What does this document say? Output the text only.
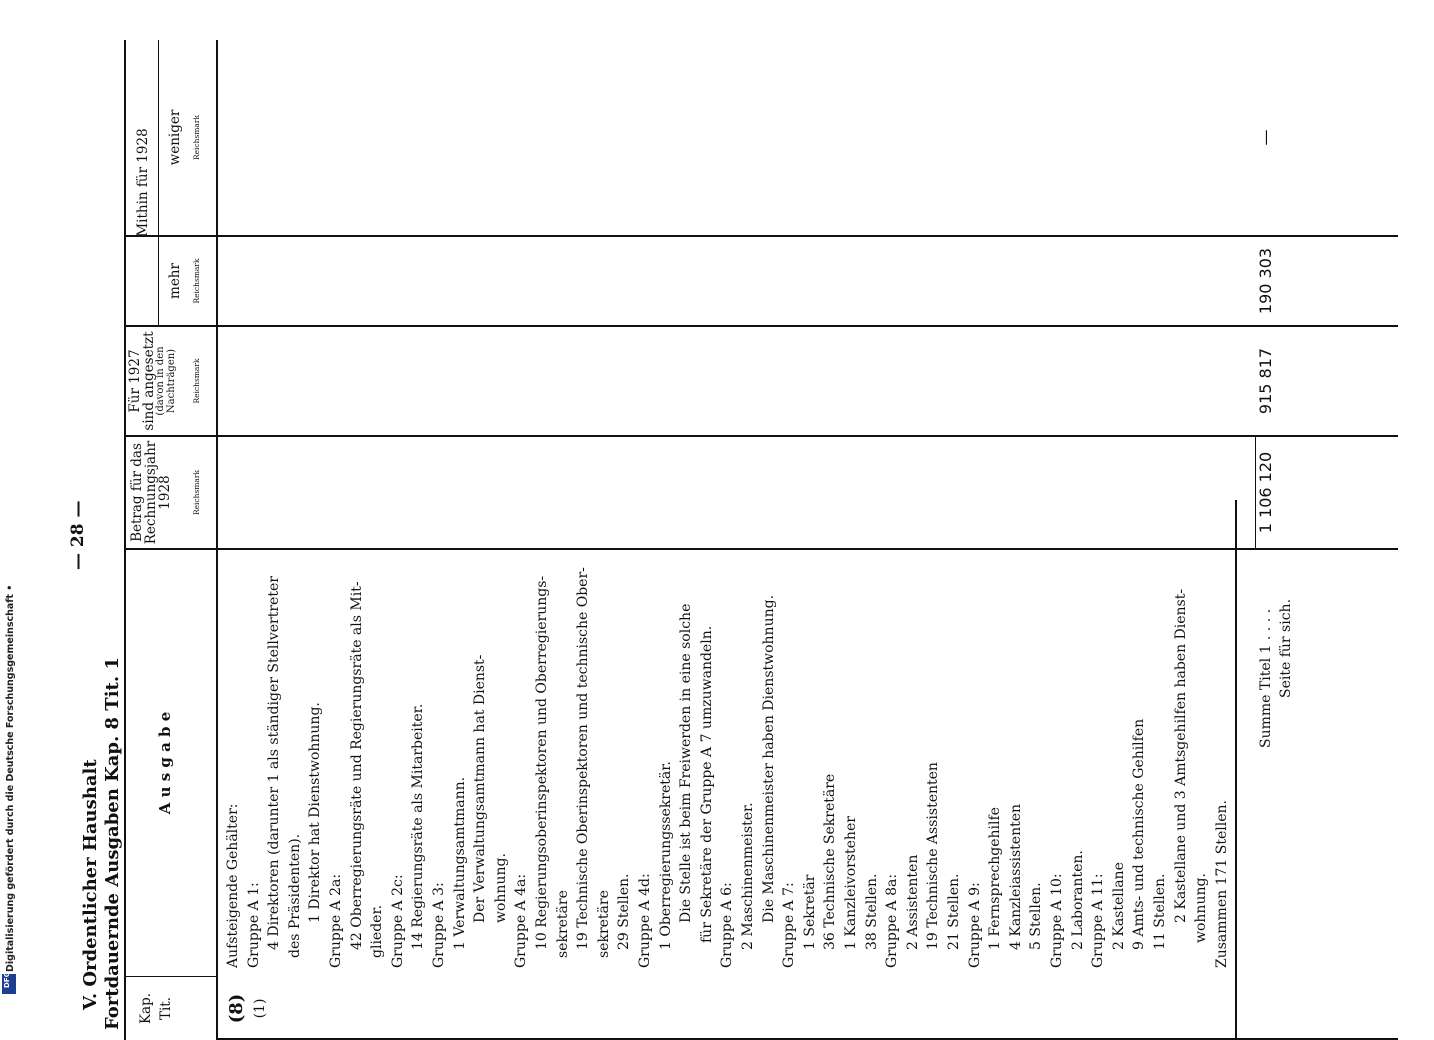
Digitalisierung gefördert durch die Deutsche Forschungsgemeinschaft •
DFG
— 28 —
V. Ordentlicher Haushalt Fortdauernde Ausgaben Kap. 8 Tit. 1 Kap. Tit.
A u s g a b e
Betrag für das
Rechnungsjahr
1928 Reichsmark
Für 1927
sind angesetzt
(davon in den Nachträgen) Reichsmark
Mithin für 1928
mehr Reichsmark
weniger Reichsmark
(8) (1)
Aufsteigende Gehälter: Gruppe A 1: 4 Direktoren (darunter 1 als ständiger Stellvertreter des Präsidenten). 1 Direktor hat Dienstwohnung. Gruppe A 2a: 42 Oberregierungsräte und Regierungsräte als Mit- glieder. Gruppe A 2c: 14 Regierungsräte als Mitarbeiter. Gruppe A 3: 1 Verwaltungsamtmann. Der Verwaltungsamtmann hat Dienst- wohnung. Gruppe A 4a: 10 Regierungsoberinspektoren und Oberregierungs- sekretäre 19 Technische Oberinspektoren und technische Ober- sekretäre 29 Stellen. Gruppe A 4d: 1 Oberregierungssekretär. Die Stelle ist beim Freiwerden in eine solche für Sekretäre der Gruppe A 7 umzuwandeln. Gruppe A 6: 2 Maschinenmeister. Die Maschinenmeister haben Dienstwohnung.
Gruppe A 7: 1 Sekretär 36 Technische Sekretäre 1 Kanzleivorsteher 38 Stellen. Gruppe A 8a: 2 Assistenten 19 Technische Assistenten 21 Stellen. Gruppe A 9: 1 Fernsprechgehilfe 4 Kanzleiassistenten 5 Stellen. Gruppe A 10: 2 Laboranten. Gruppe A 11: 2 Kastellane 9 Amts- und technische Gehilfen 11 Stellen. 2 Kastellane und 3 Amtsgehilfen haben Dienst- wohnung. Zusammen 171 Stellen.
Summe Titel 1 . . . . Seite für sich.
1 106 120
915 817
190 303
—
